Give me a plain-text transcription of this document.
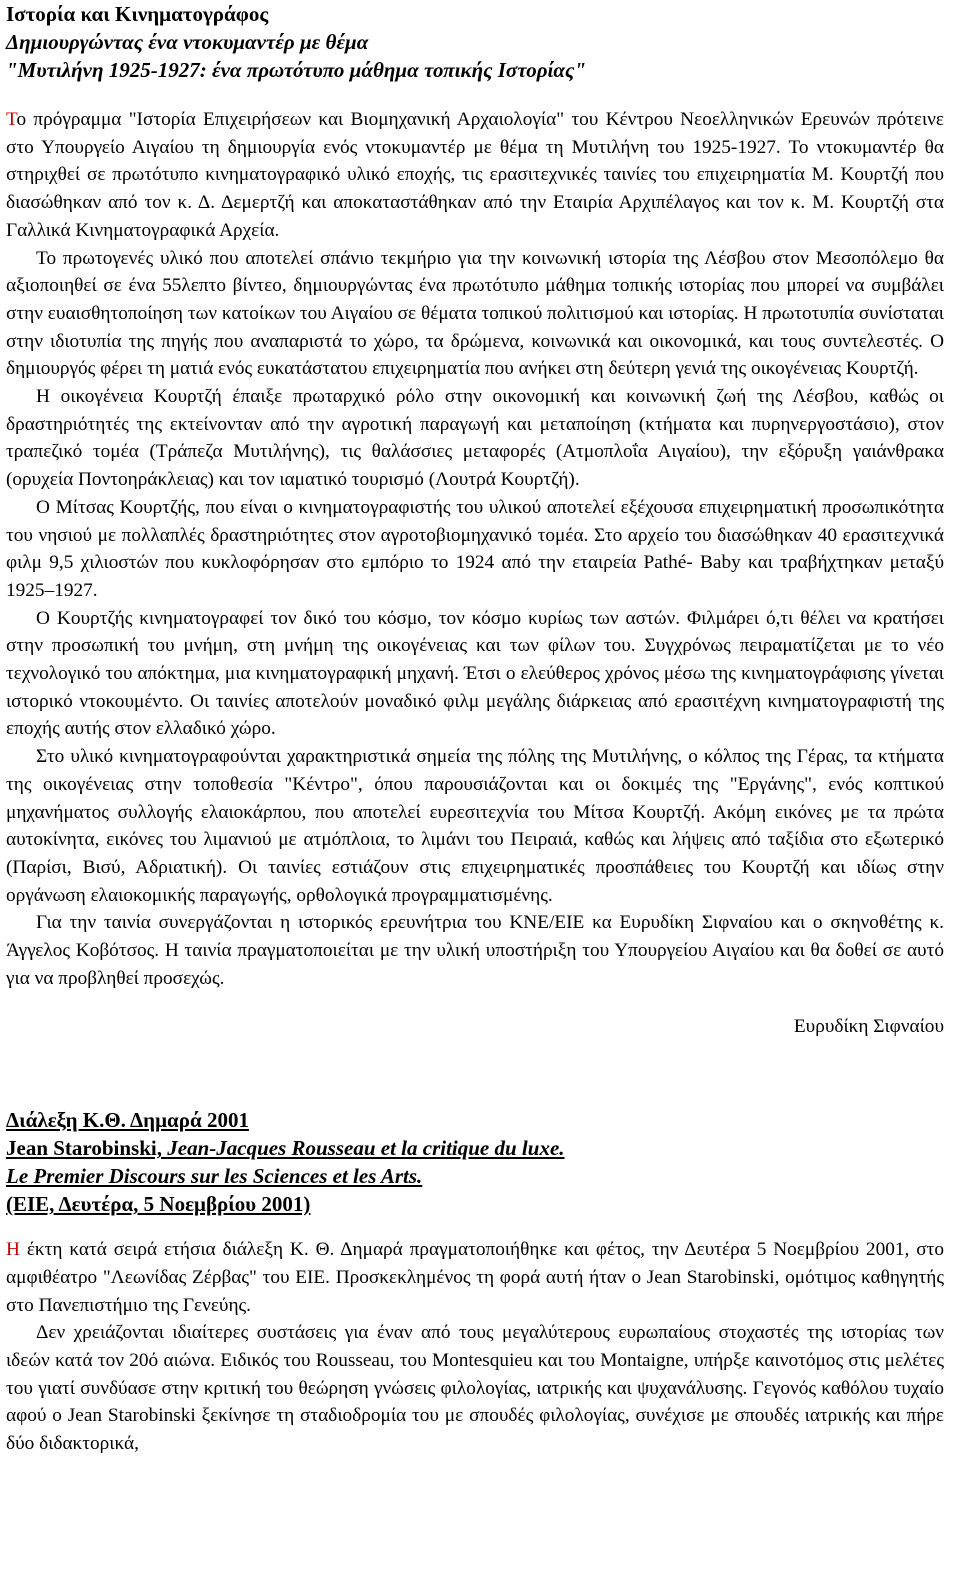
Ιστορία και Κινηματογράφος
Δημιουργώντας ένα ντοκυμαντέρ με θέμα
"Μυτιλήνη 1925-1927: ένα πρωτότυπο μάθημα τοπικής Ιστορίας"

Το πρόγραμμα "Ιστορία Επιχειρήσεων και Βιομηχανική Αρχαιολογία" του Κέντρου Νεοελληνικών Ερευνών πρότεινε στο Υπουργείο Αιγαίου τη δημιουργία ενός ντοκυμαντέρ με θέμα τη Μυτιλήνη του 1925-1927. Το ντοκυμαντέρ θα στηριχθεί σε πρωτότυπο κινηματογραφικό υλικό εποχής, τις ερασιτεχνικές ταινίες του επιχειρηματία Μ. Κουρτζή που διασώθηκαν από τον κ. Δ. Δεμερτζή και αποκαταστάθηκαν από την Εταιρία Αρχιπέλαγος και τον κ. Μ. Κουρτζή στα Γαλλικά Κινηματογραφικά Αρχεία.

Το πρωτογενές υλικό που αποτελεί σπάνιο τεκμήριο για την κοινωνική ιστορία της Λέσβου στον Μεσοπόλεμο θα αξιοποιηθεί σε ένα 55λεπτο βίντεο, δημιουργώντας ένα πρωτότυπο μάθημα τοπικής ιστορίας που μπορεί να συμβάλει στην ευαισθητοποίηση των κατοίκων του Αιγαίου σε θέματα τοπικού πολιτισμού και ιστορίας. Η πρωτοτυπία συνίσταται στην ιδιοτυπία της πηγής που αναπαριστά το χώρο, τα δρώμενα, κοινωνικά και οικονομικά, και τους συντελεστές. Ο δημιουργός φέρει τη ματιά ενός ευκατάστατου επιχειρηματία που ανήκει στη δεύτερη γενιά της οικογένειας Κουρτζή.

Η οικογένεια Κουρτζή έπαιξε πρωταρχικό ρόλο στην οικονομική και κοινωνική ζωή της Λέσβου, καθώς οι δραστηριότητές της εκτείνονταν από την αγροτική παραγωγή και μεταποίηση (κτήματα και πυρηνεργοστάσιο), στον τραπεζικό τομέα (Τράπεζα Μυτιλήνης), τις θαλάσσιες μεταφορές (Ατμοπλοΐα Αιγαίου), την εξόρυξη γαιάνθρακα (ορυχεία Ποντοηράκλειας) και τον ιαματικό τουρισμό (Λουτρά Κουρτζή).

Ο Μίτσας Κουρτζής, που είναι ο κινηματογραφιστής του υλικού αποτελεί εξέχουσα επιχειρηματική προσωπικότητα του νησιού με πολλαπλές δραστηριότητες στον αγροτοβιομηχανικό τομέα. Στο αρχείο του διασώθηκαν 40 ερασιτεχνικά φιλμ 9,5 χιλιοστών που κυκλοφόρησαν στο εμπόριο το 1924 από την εταιρεία Pathé- Baby και τραβήχτηκαν μεταξύ 1925–1927.

Ο Κουρτζής κινηματογραφεί τον δικό του κόσμο, τον κόσμο κυρίως των αστών. Φιλμάρει ό,τι θέλει να κρατήσει στην προσωπική του μνήμη, στη μνήμη της οικογένειας και των φίλων του. Συγχρόνως πειραματίζεται με το νέο τεχνολογικό του απόκτημα, μια κινηματογραφική μηχανή. Έτσι ο ελεύθερος χρόνος μέσω της κινηματογράφισης γίνεται ιστορικό ντοκουμέντο. Οι ταινίες αποτελούν μοναδικό φιλμ μεγάλης διάρκειας από ερασιτέχνη κινηματογραφιστή της εποχής αυτής στον ελλαδικό χώρο.

Στο υλικό κινηματογραφούνται χαρακτηριστικά σημεία της πόλης της Μυτιλήνης, ο κόλπος της Γέρας, τα κτήματα της οικογένειας στην τοποθεσία "Κέντρο", όπου παρουσιάζονται και οι δοκιμές της "Εργάνης", ενός κοπτικού μηχανήματος συλλογής ελαιοκάρπου, που αποτελεί ευρεσιτεχνία του Μίτσα Κουρτζή. Ακόμη εικόνες με τα πρώτα αυτοκίνητα, εικόνες του λιμανιού με ατμόπλοια, το λιμάνι του Πειραιά, καθώς και λήψεις από ταξίδια στο εξωτερικό (Παρίσι, Βισύ, Αδριατική). Οι ταινίες εστιάζουν στις επιχειρηματικές προσπάθειες του Κουρτζή και ιδίως στην οργάνωση ελαιοκομικής παραγωγής, ορθολογικά προγραμματισμένης.

Για την ταινία συνεργάζονται η ιστορικός ερευνήτρια του ΚΝΕ/ΕΙΕ κα Ευρυδίκη Σιφναίου και ο σκηνοθέτης κ. Άγγελος Κοβότσος. Η ταινία πραγματοποιείται με την υλική υποστήριξη του Υπουργείου Αιγαίου και θα δοθεί σε αυτό για να προβληθεί προσεχώς.

Ευρυδίκη Σιφναίου

Διάλεξη Κ.Θ. Δημαρά 2001
Jean Starobinski, Jean-Jacques Rousseau et la critique du luxe.
Le Premier Discours sur les Sciences et les Arts.
(ΕΙΕ, Δευτέρα, 5 Νοεμβρίου 2001)

Η έκτη κατά σειρά ετήσια διάλεξη Κ. Θ. Δημαρά πραγματοποιήθηκε και φέτος, την Δευτέρα 5 Νοεμβρίου 2001, στο αμφιθέατρο "Λεωνίδας Ζέρβας" του ΕΙΕ. Προσκεκλημένος τη φορά αυτή ήταν ο Jean Starobinski, ομότιμος καθηγητής στο Πανεπιστήμιο της Γενεύης.

Δεν χρειάζονται ιδιαίτερες συστάσεις για έναν από τους μεγαλύτερους ευρωπαίους στοχαστές της ιστορίας των ιδεών κατά τον 20ό αιώνα. Ειδικός του Rousseau, του Montesquieu και του Montaigne, υπήρξε καινοτόμος στις μελέτες του γιατί συνδύασε στην κριτική του θεώρηση γνώσεις φιλολογίας, ιατρικής και ψυχανάλυσης. Γεγονός καθόλου τυχαίο αφού ο Jean Starobinski ξεκίνησε τη σταδιοδρομία του με σπουδές φιλολογίας, συνέχισε με σπουδές ιατρικής και πήρε δύο διδακτορικά,
